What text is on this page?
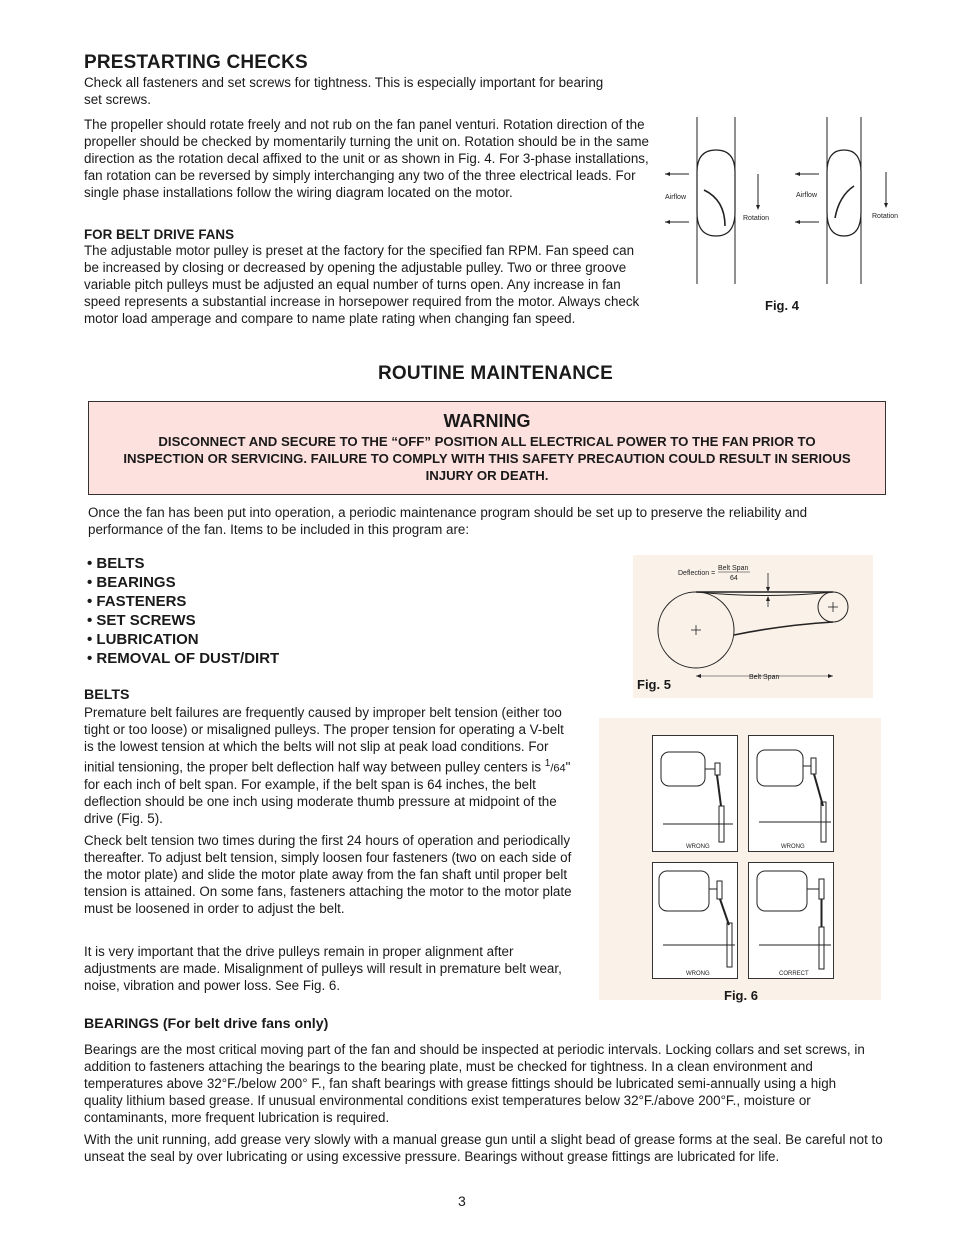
PRESTARTING CHECKS

Check all fasteners and set screws for tightness. This is especially important for bearing set screws.

The propeller should rotate freely and not rub on the fan panel venturi. Rotation direction of the propeller should be checked by momentarily turning the unit on. Rotation should be in the same direction as the rotation decal affixed to the unit or as shown in Fig. 4. For 3-phase installations, fan rotation can be reversed by simply interchanging any two of the three electrical leads. For single phase installations follow the wiring diagram located on the motor.

FOR BELT DRIVE FANS

The adjustable motor pulley is preset at the factory for the specified fan RPM. Fan speed can be increased by closing or decreased by opening the adjustable pulley. Two or three groove variable pitch pulleys must be adjusted an equal number of turns open. Any increase in fan speed represents a substantial increase in horsepower required from the motor. Always check motor load amperage and compare to name plate rating when changing fan speed.

Airflow
Rotation
Airflow
Rotation
Fig. 4
ROUTINE MAINTENANCE
WARNING
DISCONNECT AND SECURE TO THE “OFF” POSITION ALL ELECTRICAL POWER TO THE FAN PRIOR TO INSPECTION OR SERVICING. FAILURE TO COMPLY WITH THIS SAFETY PRECAUTION COULD RESULT IN SERIOUS INJURY OR DEATH.

Once the fan has been put into operation, a periodic maintenance program should be set up to preserve the reliability and performance of the fan. Items to be included in this program are:

• BELTS
• BEARINGS
• FASTENERS
• SET SCREWS
• LUBRICATION
• REMOVAL OF DUST/DIRT
Deflection =
Belt Span
64
Belt Span
Fig. 5
BELTS

Premature belt failures are frequently caused by improper belt tension (either too tight or too loose) or misaligned pulleys. The proper tension for operating a V-belt is the lowest tension at which the belts will not slip at peak load conditions. For initial tensioning, the proper belt deflection half way between pulley centers is $^1$/64" for each inch of belt span. For example, if the belt span is 64 inches, the belt deflection should be one inch using moderate thumb pressure at midpoint of the drive (Fig. 5).

Check belt tension two times during the first 24 hours of operation and periodically thereafter. To adjust belt tension, simply loosen four fasteners (two on each side of the motor plate) and slide the motor plate away from the fan shaft until proper belt tension is attained. On some fans, fasteners attaching the motor to the motor plate must be loosened in order to adjust the belt.

It is very important that the drive pulleys remain in proper alignment after adjustments are made. Misalignment of pulleys will result in premature belt wear, noise, vibration and power loss. See Fig. 6.

WRONG	WRONG
WRONG	CORRECT
Fig. 6
BEARINGS (For belt drive fans only)

Bearings are the most critical moving part of the fan and should be inspected at periodic intervals. Locking collars and set screws, in addition to fasteners attaching the bearings to the bearing plate, must be checked for tightness. In a clean environment and temperatures above 32°F./below 200° F., fan shaft bearings with grease fittings should be lubricated semi-annually using a high quality lithium based grease. If unusual environmental conditions exist temperatures below 32°F./above 200°F., moisture or contaminants, more frequent lubrication is required.

With the unit running, add grease very slowly with a manual grease gun until a slight bead of grease forms at the seal. Be careful not to unseat the seal by over lubricating or using excessive pressure. Bearings without grease fittings are lubricated for life.

3
